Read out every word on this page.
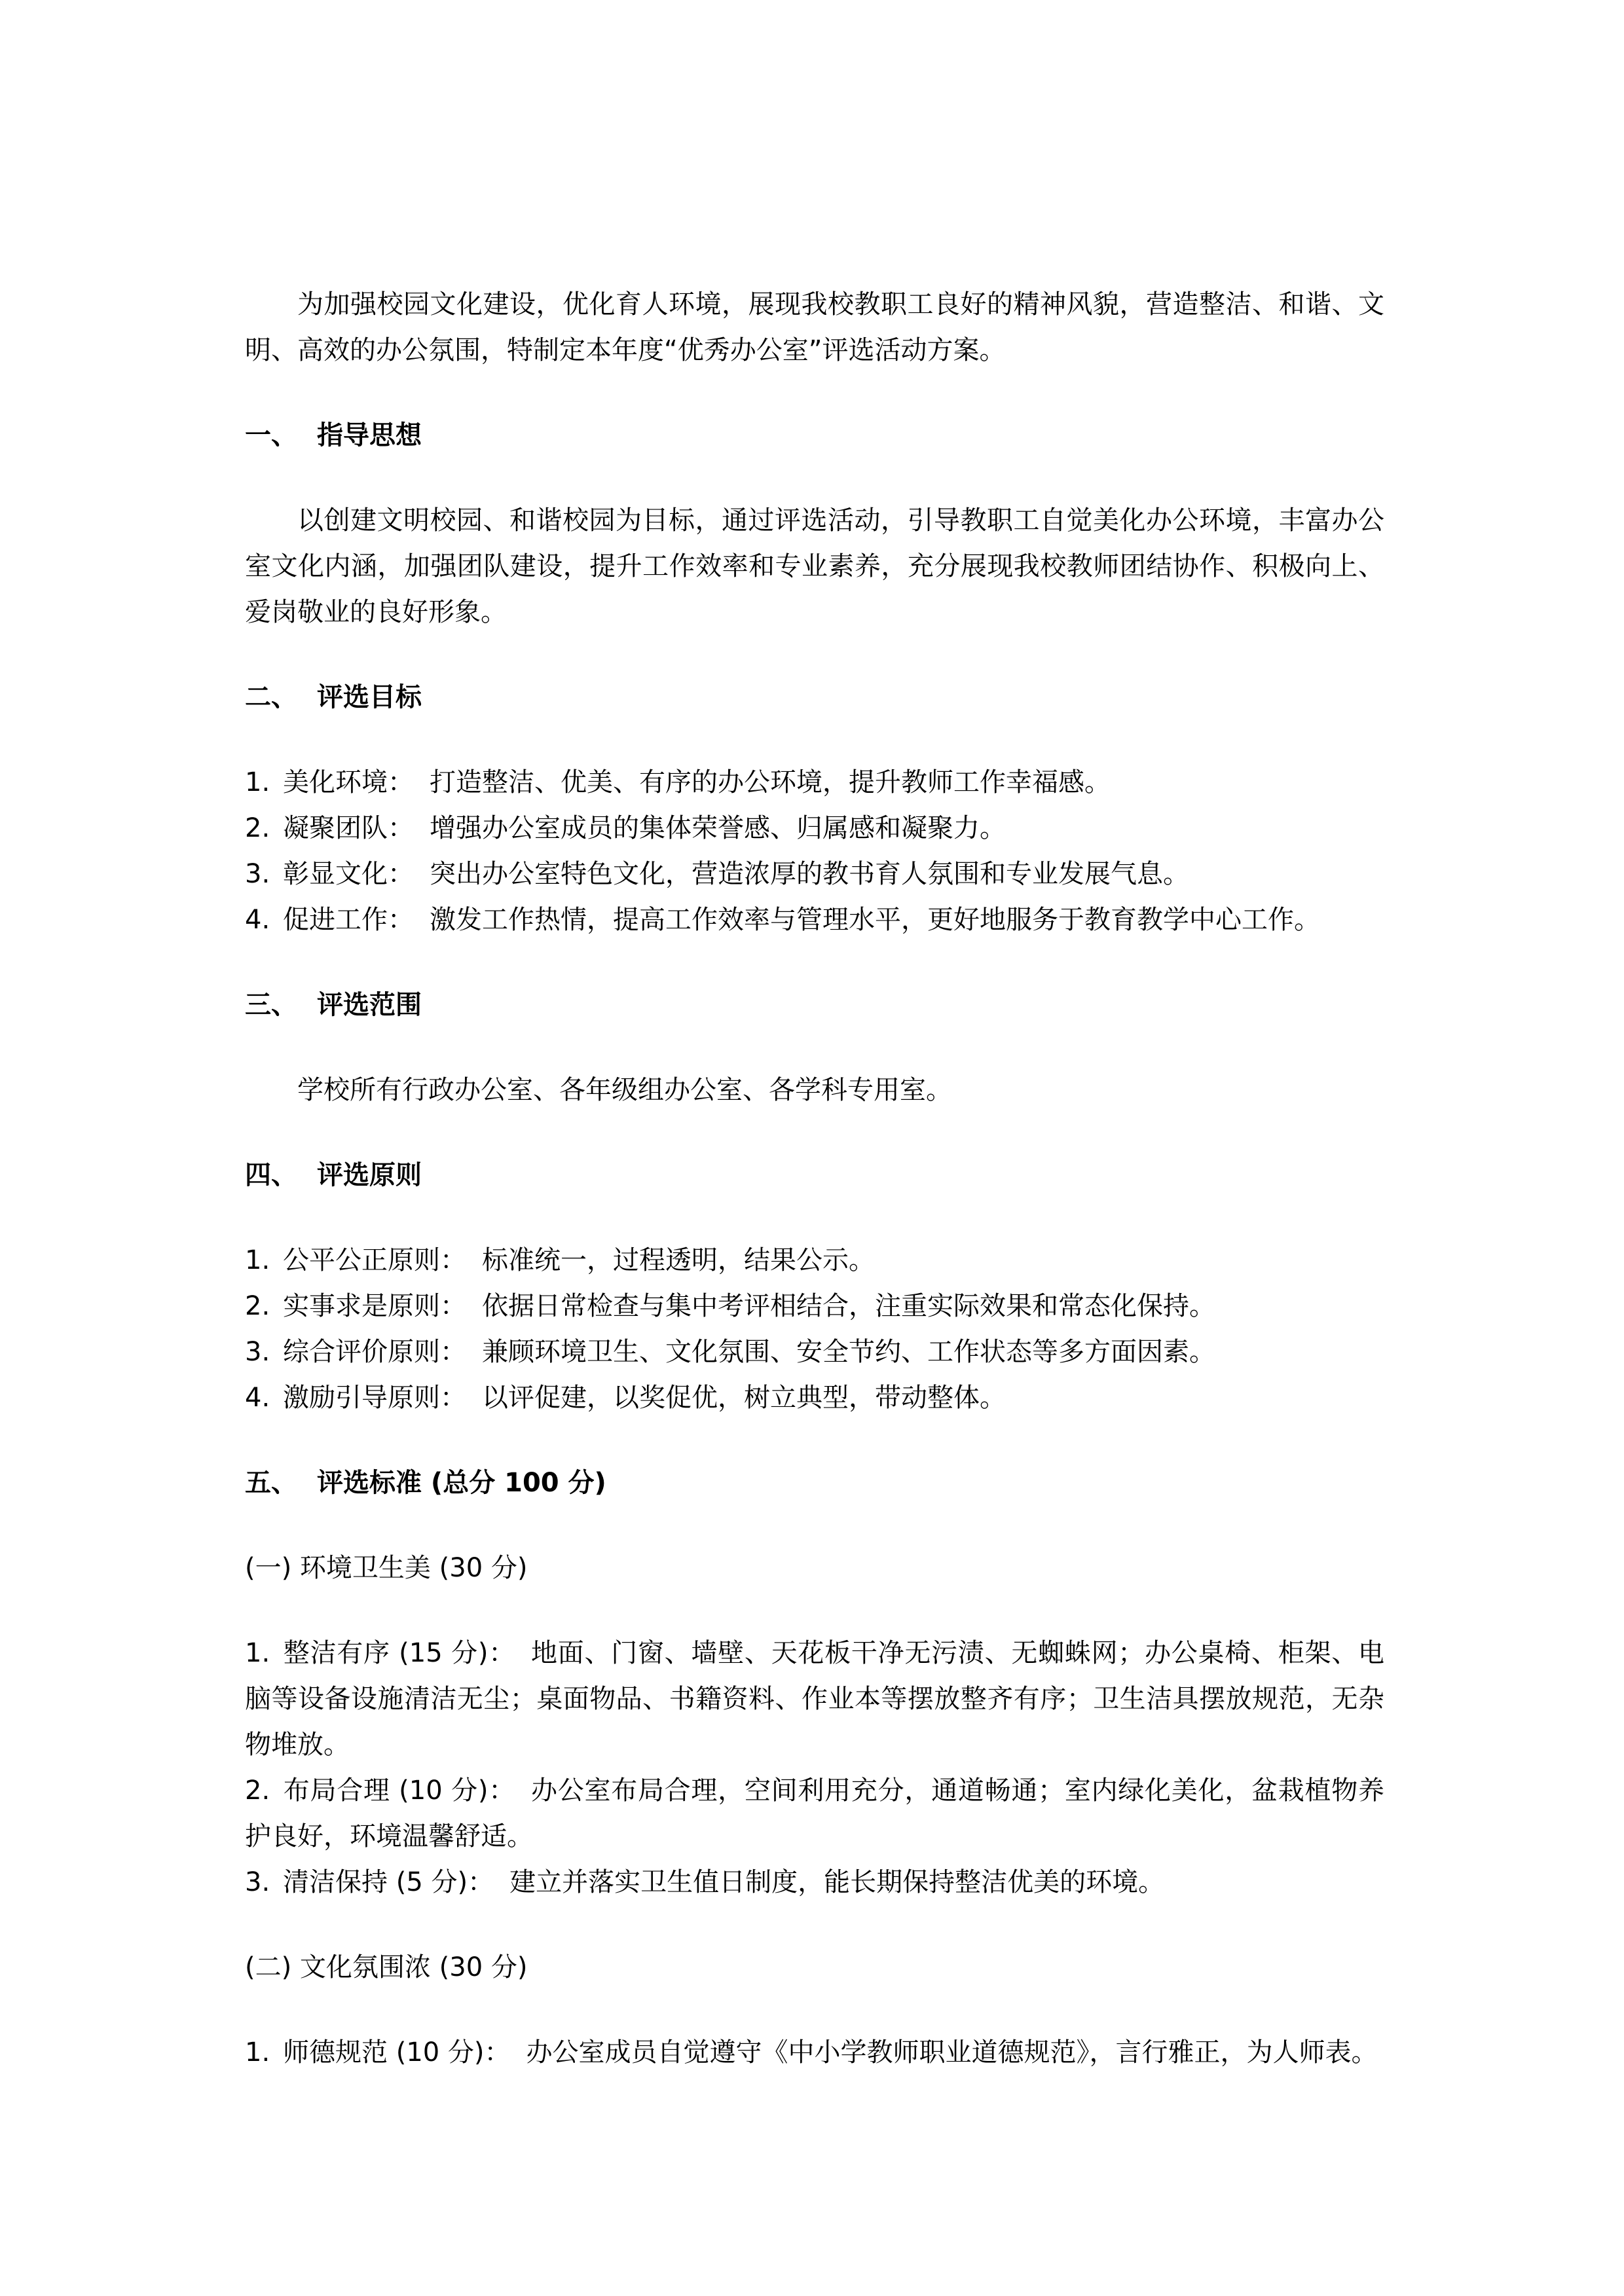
为加强校园文化建设，优化育人环境，展现我校教职工良好的精神风貌，营造整洁、和谐、文明、高效的办公氛围，特制定本年度“优秀办公室”评选活动方案。

一、 指导思想

以创建文明校园、和谐校园为目标，通过评选活动，引导教职工自觉美化办公环境，丰富办公室文化内涵，加强团队建设，提升工作效率和专业素养，充分展现我校教师团结协作、积极向上、爱岗敬业的良好形象。

二、 评选目标

1. 美化环境： 打造整洁、优美、有序的办公环境，提升教师工作幸福感。

2. 凝聚团队： 增强办公室成员的集体荣誉感、归属感和凝聚力。

3. 彰显文化： 突出办公室特色文化，营造浓厚的教书育人氛围和专业发展气息。

4. 促进工作： 激发工作热情，提高工作效率与管理水平，更好地服务于教育教学中心工作。

三、 评选范围

学校所有行政办公室、各年级组办公室、各学科专用室。

四、 评选原则

1. 公平公正原则： 标准统一，过程透明，结果公示。

2. 实事求是原则： 依据日常检查与集中考评相结合，注重实际效果和常态化保持。

3. 综合评价原则： 兼顾环境卫生、文化氛围、安全节约、工作状态等多方面因素。

4. 激励引导原则： 以评促建，以奖促优，树立典型，带动整体。

五、 评选标准 (总分 100 分)

(一) 环境卫生美 (30 分)

1. 整洁有序 (15 分)： 地面、门窗、墙壁、天花板干净无污渍、无蜘蛛网；办公桌椅、柜架、电脑等设备设施清洁无尘；桌面物品、书籍资料、作业本等摆放整齐有序；卫生洁具摆放规范，无杂物堆放。

2. 布局合理 (10 分)： 办公室布局合理，空间利用充分，通道畅通；室内绿化美化，盆栽植物养护良好，环境温馨舒适。

3. 清洁保持 (5 分)： 建立并落实卫生值日制度，能长期保持整洁优美的环境。

(二) 文化氛围浓 (30 分)

1. 师德规范 (10 分)： 办公室成员自觉遵守《中小学教师职业道德规范》，言行雅正，为人师表。
